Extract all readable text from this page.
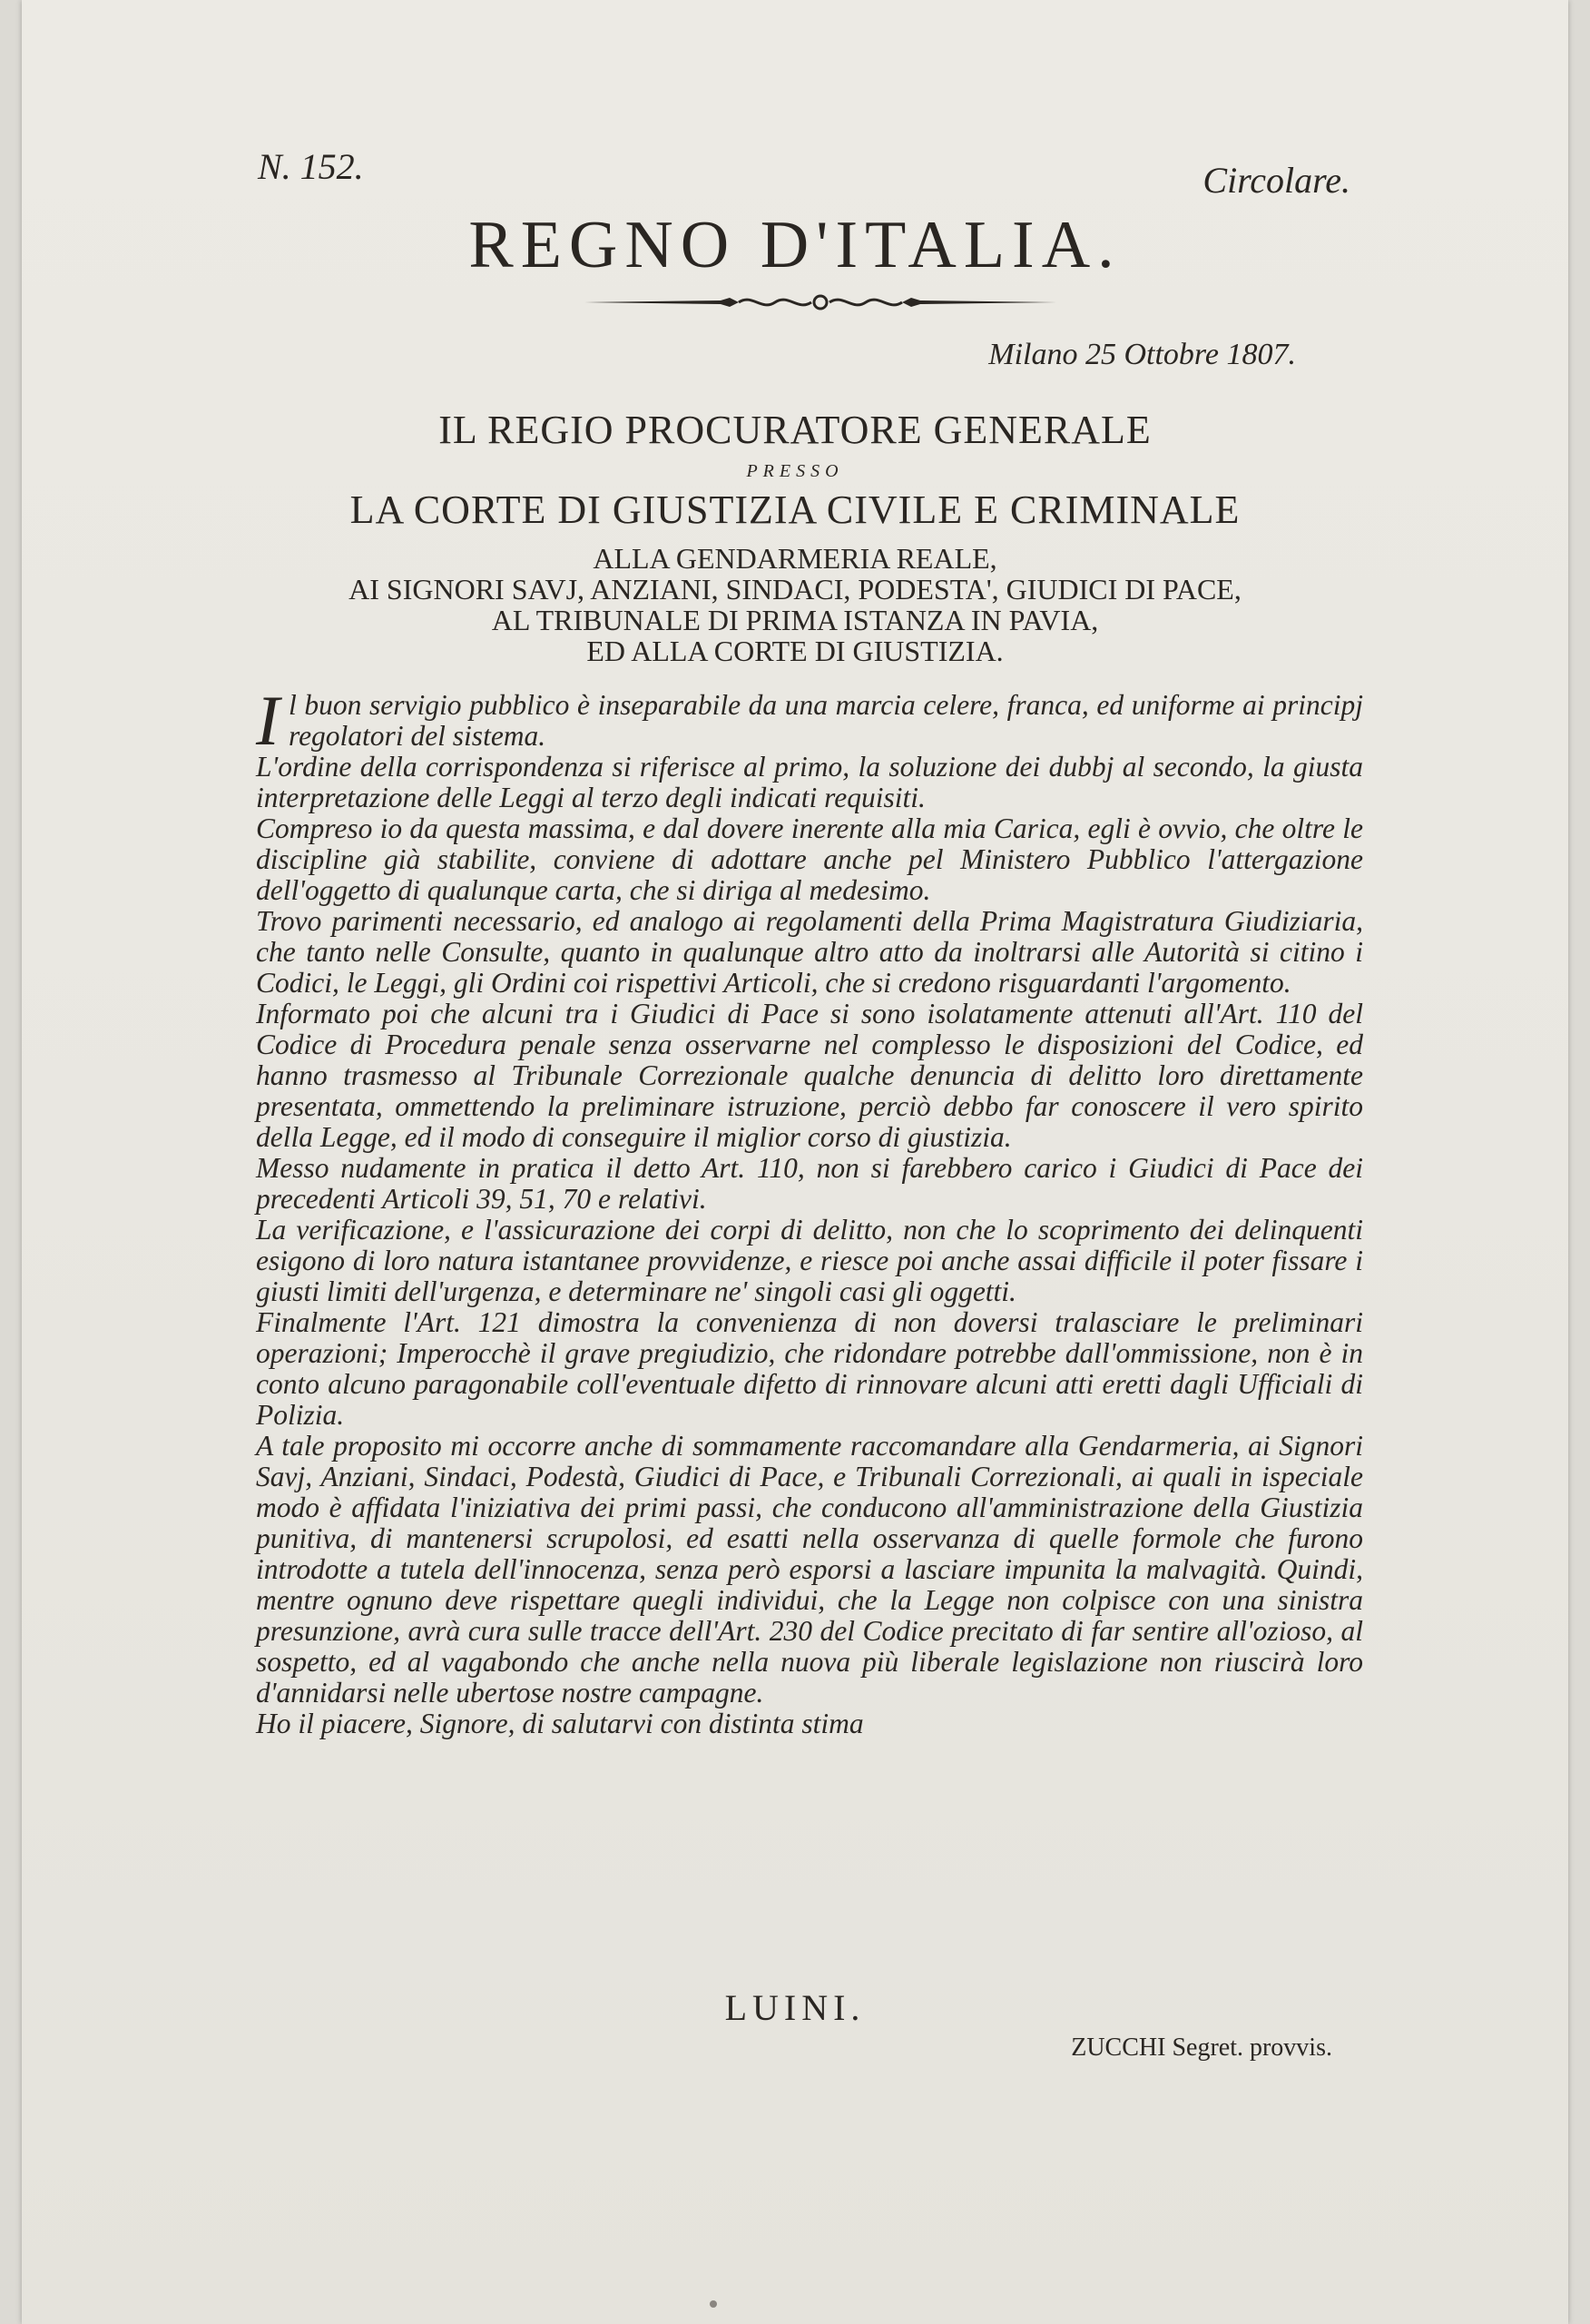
N. 152.	Circolare.
REGNO D'ITALIA.
Milano 25 Ottobre 1807.
IL REGIO PROCURATORE GENERALE
PRESSO
LA CORTE DI GIUSTIZIA CIVILE E CRIMINALE
ALLA GENDARMERIA REALE,
AI SIGNORI SAVJ, ANZIANI, SINDACI, PODESTA', GIUDICI DI PACE,
AL TRIBUNALE DI PRIMA ISTANZA IN PAVIA,
ED ALLA CORTE DI GIUSTIZIA.

Il buon servigio pubblico è inseparabile da una marcia celere, franca, ed uniforme ai principj regolatori del sistema.

L'ordine della corrispondenza si riferisce al primo, la soluzione dei dubbj al secondo, la giusta interpretazione delle Leggi al terzo degli indicati requisiti.

Compreso io da questa massima, e dal dovere inerente alla mia Carica, egli è ovvio, che oltre le discipline già stabilite, conviene di adottare anche pel Ministero Pubblico l'attergazione dell'oggetto di qualunque carta, che si diriga al medesimo.

Trovo parimenti necessario, ed analogo ai regolamenti della Prima Magistratura Giudiziaria, che tanto nelle Consulte, quanto in qualunque altro atto da inoltrarsi alle Autorità si citino i Codici, le Leggi, gli Ordini coi rispettivi Articoli, che si credono risguardanti l'argomento.

Informato poi che alcuni tra i Giudici di Pace si sono isolatamente attenuti all'Art. 110 del Codice di Procedura penale senza osservarne nel complesso le disposizioni del Codice, ed hanno trasmesso al Tribunale Correzionale qualche denuncia di delitto loro direttamente presentata, ommettendo la preliminare istruzione, perciò debbo far conoscere il vero spirito della Legge, ed il modo di conseguire il miglior corso di giustizia.

Messo nudamente in pratica il detto Art. 110, non si farebbero carico i Giudici di Pace dei precedenti Articoli 39, 51, 70 e relativi.

La verificazione, e l'assicurazione dei corpi di delitto, non che lo scoprimento dei delinquenti esigono di loro natura istantanee provvidenze, e riesce poi anche assai difficile il poter fissare i giusti limiti dell'urgenza, e determinare ne' singoli casi gli oggetti.

Finalmente l'Art. 121 dimostra la convenienza di non doversi tralasciare le preliminari operazioni; Imperocchè il grave pregiudizio, che ridondare potrebbe dall'ommissione, non è in conto alcuno paragonabile coll'eventuale difetto di rinnovare alcuni atti eretti dagli Ufficiali di Polizia.

A tale proposito mi occorre anche di sommamente raccomandare alla Gendarmeria, ai Signori Savj, Anziani, Sindaci, Podestà, Giudici di Pace, e Tribunali Correzionali, ai quali in ispeciale modo è affidata l'iniziativa dei primi passi, che conducono all'amministrazione della Giustizia punitiva, di mantenersi scrupolosi, ed esatti nella osservanza di quelle formole che furono introdotte a tutela dell'innocenza, senza però esporsi a lasciare impunita la malvagità. Quindi, mentre ognuno deve rispettare quegli individui, che la Legge non colpisce con una sinistra presunzione, avrà cura sulle tracce dell'Art. 230 del Codice precitato di far sentire all'ozioso, al sospetto, ed al vagabondo che anche nella nuova più liberale legislazione non riuscirà loro d'annidarsi nelle ubertose nostre campagne.

Ho il piacere, Signore, di salutarvi con distinta stima

LUINI.
ZUCCHI Segret. provvis.
